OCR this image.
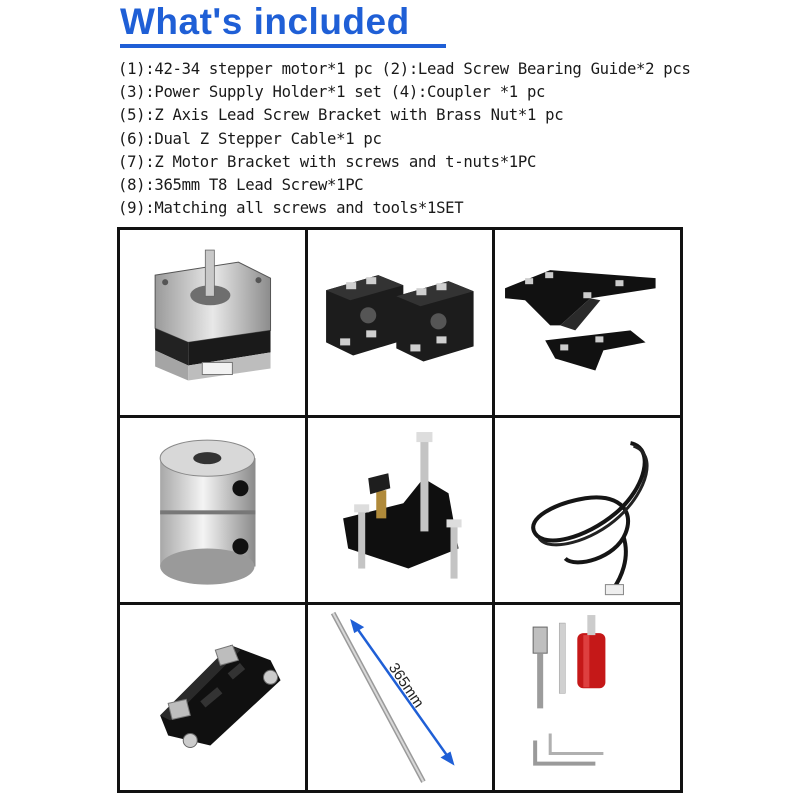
What's included
(1):42-34 stepper motor*1 pc (2):Lead Screw Bearing Guide*2 pcs
(3):Power Supply Holder*1 set (4):Coupler *1 pc
(5):Z Axis Lead Screw Bracket with Brass Nut*1 pc
(6):Dual Z Stepper Cable*1 pc
(7):Z Motor Bracket with screws and t-nuts*1PC
(8):365mm T8 Lead Screw*1PC
(9):Matching all screws and tools*1SET
365mm
